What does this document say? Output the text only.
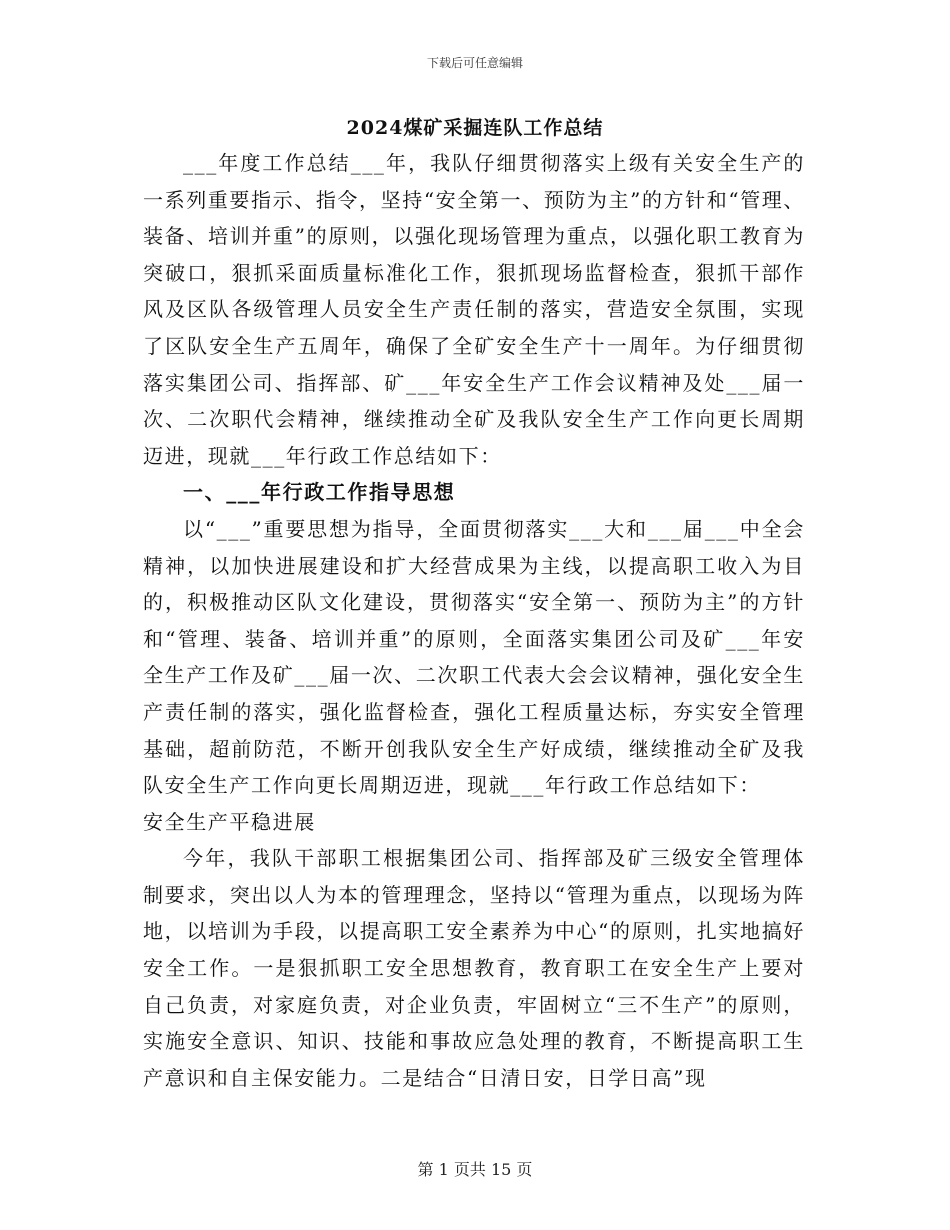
下载后可任意编辑
2024煤矿采掘连队工作总结

___年度工作总结___年，我队仔细贯彻落实上级有关安全生产的一系列重要指示、指令，坚持“安全第一、预防为主”的方针和“管理、装备、培训并重”的原则，以强化现场管理为重点，以强化职工教育为突破口，狠抓采面质量标准化工作，狠抓现场监督检查，狠抓干部作风及区队各级管理人员安全生产责任制的落实，营造安全氛围，实现了区队安全生产五周年，确保了全矿安全生产十一周年。为仔细贯彻落实集团公司、指挥部、矿___年安全生产工作会议精神及处___届一次、二次职代会精神，继续推动全矿及我队安全生产工作向更长周期迈进，现就___年行政工作总结如下：

一、___年行政工作指导思想

以“___”重要思想为指导，全面贯彻落实___大和___届___中全会精神，以加快进展建设和扩大经营成果为主线，以提高职工收入为目的，积极推动区队文化建设，贯彻落实“安全第一、预防为主”的方针和“管理、装备、培训并重”的原则，全面落实集团公司及矿___年安全生产工作及矿___届一次、二次职工代表大会会议精神，强化安全生产责任制的落实，强化监督检查，强化工程质量达标，夯实安全管理基础，超前防范，不断开创我队安全生产好成绩，继续推动全矿及我队安全生产工作向更长周期迈进，现就___年行政工作总结如下：

安全生产平稳进展

今年，我队干部职工根据集团公司、指挥部及矿三级安全管理体制要求，突出以人为本的管理理念，坚持以“管理为重点，以现场为阵地，以培训为手段，以提高职工安全素养为中心“的原则，扎实地搞好安全工作。一是狠抓职工安全思想教育，教育职工在安全生产上要对自己负责，对家庭负责，对企业负责，牢固树立“三不生产”的原则，实施安全意识、知识、技能和事故应急处理的教育，不断提高职工生产意识和自主保安能力。二是结合“日清日安，日学日高”现

第 1 页共 15 页
